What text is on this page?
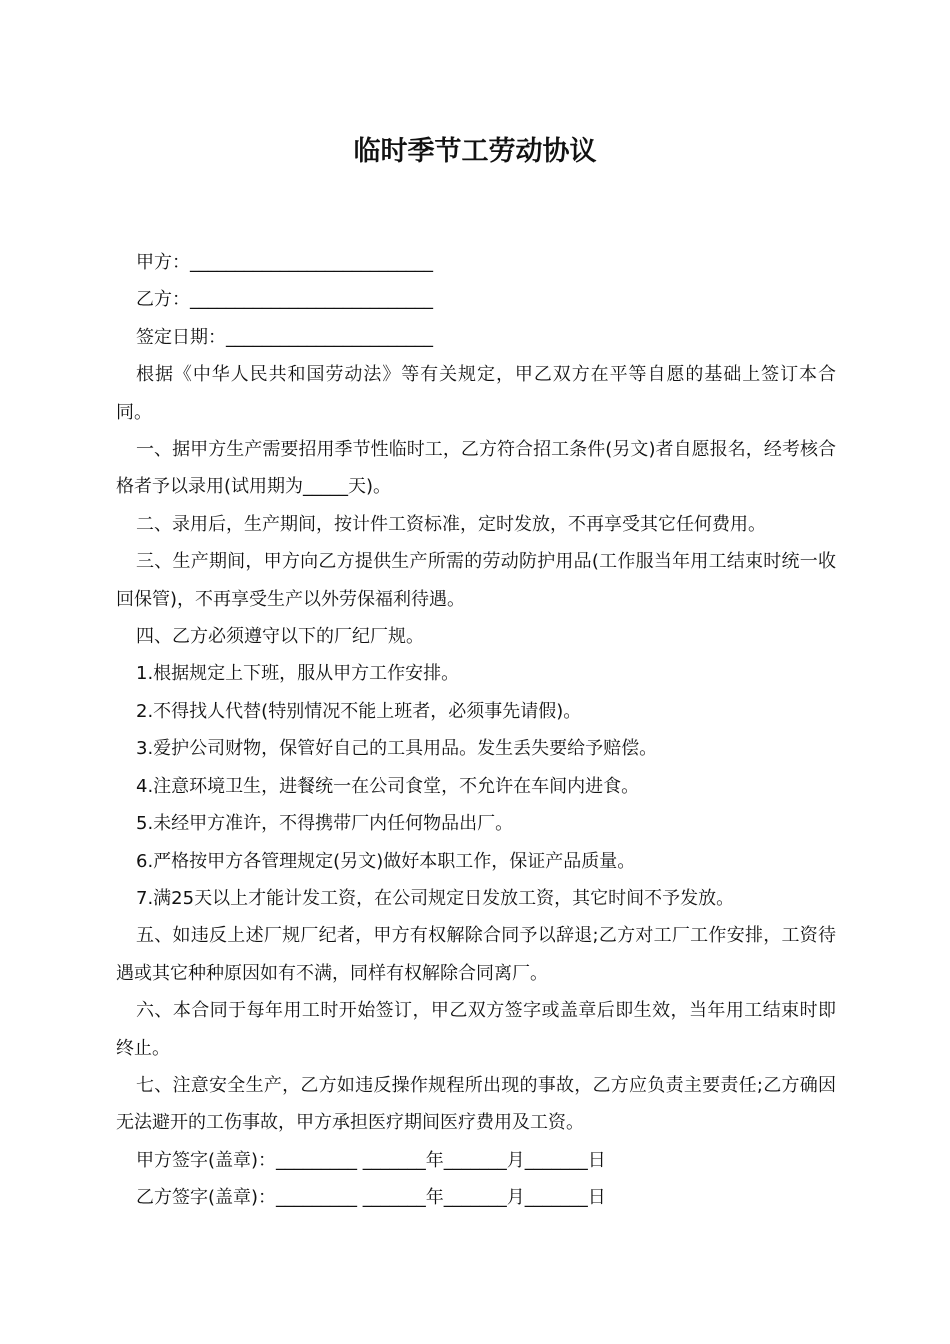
临时季节工劳动协议

甲方：___________________________

乙方：___________________________

签定日期：_______________________

根据《中华人民共和国劳动法》等有关规定，甲乙双方在平等自愿的基础上签订本合同。

一、据甲方生产需要招用季节性临时工，乙方符合招工条件(另文)者自愿报名，经考核合格者予以录用(试用期为_____天)。

二、录用后，生产期间，按计件工资标准，定时发放，不再享受其它任何费用。

三、生产期间，甲方向乙方提供生产所需的劳动防护用品(工作服当年用工结束时统一收回保管)，不再享受生产以外劳保福利待遇。

四、乙方必须遵守以下的厂纪厂规。

1.根据规定上下班，服从甲方工作安排。

2.不得找人代替(特别情况不能上班者，必须事先请假)。

3.爱护公司财物，保管好自己的工具用品。发生丢失要给予赔偿。

4.注意环境卫生，进餐统一在公司食堂，不允许在车间内进食。

5.未经甲方准许，不得携带厂内任何物品出厂。

6.严格按甲方各管理规定(另文)做好本职工作，保证产品质量。

7.满25天以上才能计发工资，在公司规定日发放工资，其它时间不予发放。

五、如违反上述厂规厂纪者，甲方有权解除合同予以辞退;乙方对工厂工作安排，工资待遇或其它种种原因如有不满，同样有权解除合同离厂。

六、本合同于每年用工时开始签订，甲乙双方签字或盖章后即生效，当年用工结束时即终止。

七、注意安全生产，乙方如违反操作规程所出现的事故，乙方应负责主要责任;乙方确因无法避开的工伤事故，甲方承担医疗期间医疗费用及工资。

甲方签字(盖章)：_________ _______年_______月_______日

乙方签字(盖章)：_________ _______年_______月_______日
